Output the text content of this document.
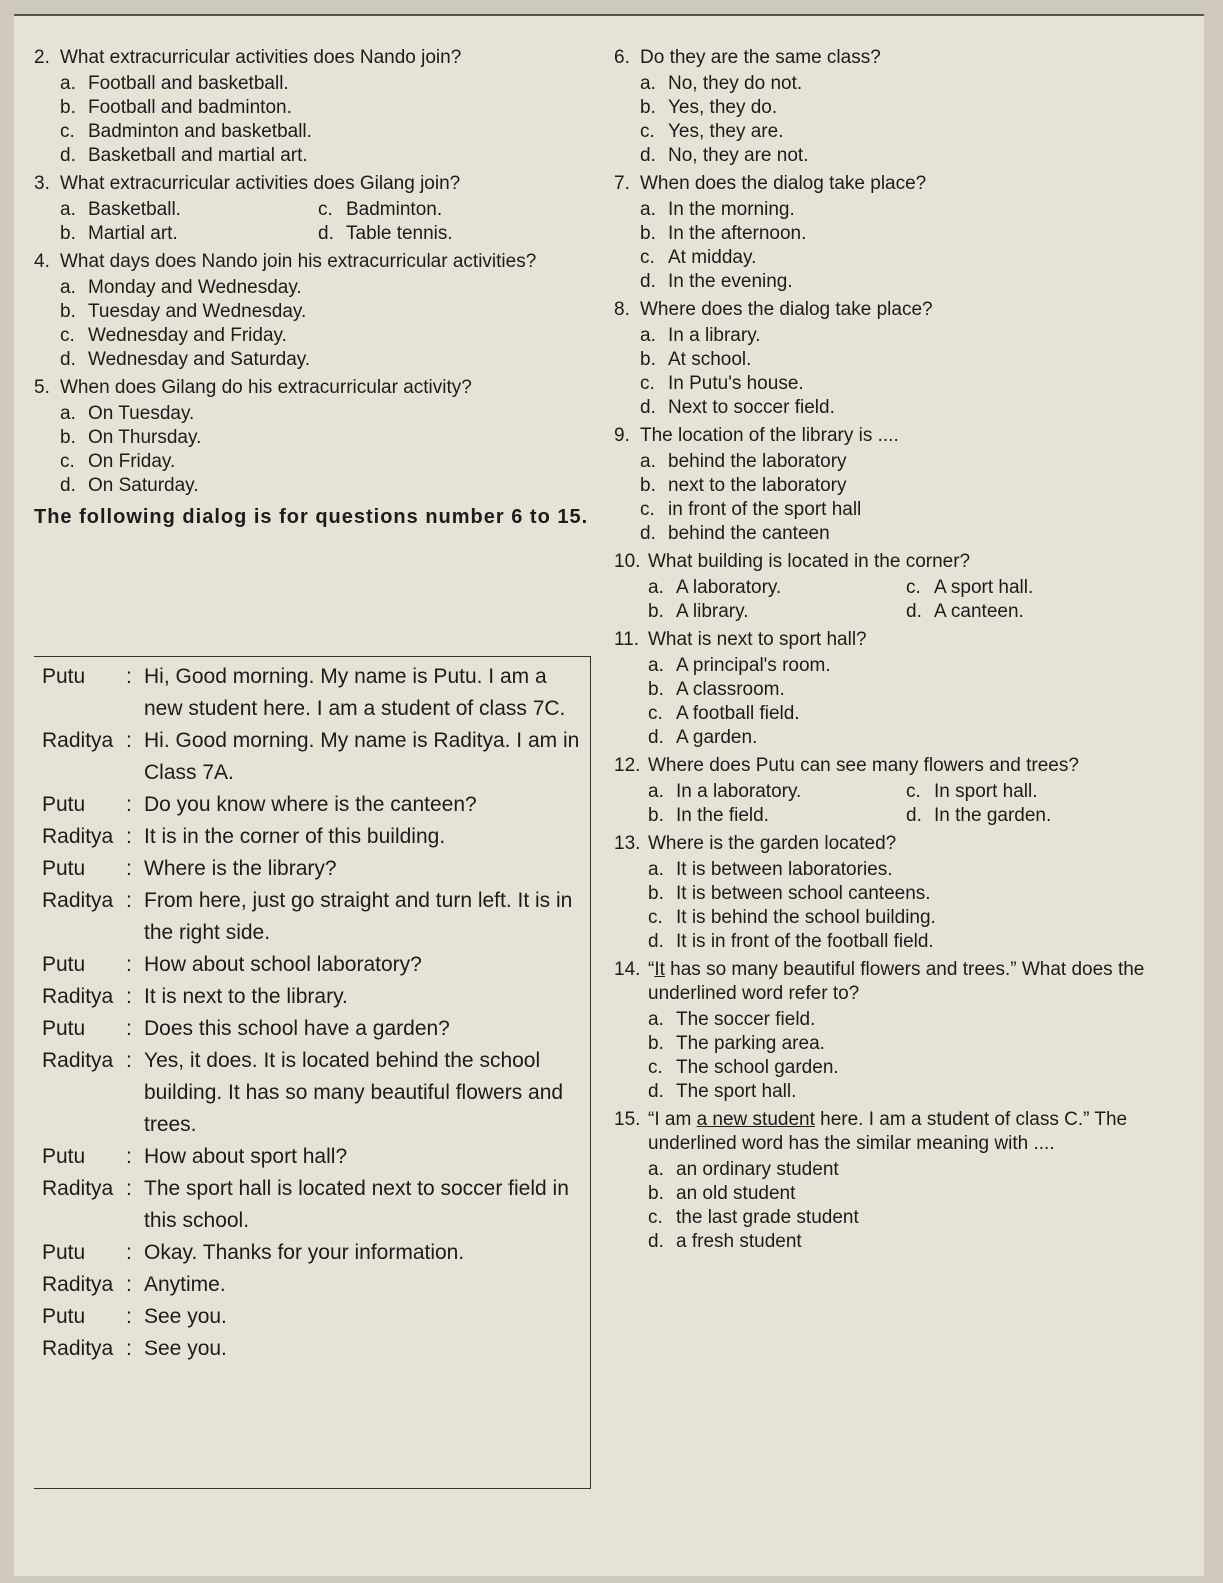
2. What extracurricular activities does Nando join?
a. Football and basketball.
b. Football and badminton.
c. Badminton and basketball.
d. Basketball and martial art.
3. What extracurricular activities does Gilang join?
a. Basketball.	c. Badminton.
b. Martial art.	d. Table tennis.
4. What days does Nando join his extracurricular activities?
a. Monday and Wednesday.
b. Tuesday and Wednesday.
c. Wednesday and Friday.
d. Wednesday and Saturday.
5. When does Gilang do his extracurricular activity?
a. On Tuesday.
b. On Thursday.
c. On Friday.
d. On Saturday.
The following dialog is for questions number 6 to 15.
Putu : Hi, Good morning. My name is Putu. I am a new student here. I am a student of class 7C.
Raditya : Hi. Good morning. My name is Raditya. I am in Class 7A.
Putu : Do you know where is the canteen?
Raditya : It is in the corner of this building.
Putu : Where is the library?
Raditya : From here, just go straight and turn left. It is in the right side.
Putu : How about school laboratory?
Raditya : It is next to the library.
Putu : Does this school have a garden?
Raditya : Yes, it does. It is located behind the school building. It has so many beautiful flowers and trees.
Putu : How about sport hall?
Raditya : The sport hall is located next to soccer field in this school.
Putu : Okay. Thanks for your information.
Raditya : Anytime.
Putu : See you.
Raditya : See you.
6. Do they are the same class?
a. No, they do not.
b. Yes, they do.
c. Yes, they are.
d. No, they are not.
7. When does the dialog take place?
a. In the morning.
b. In the afternoon.
c. At midday.
d. In the evening.
8. Where does the dialog take place?
a. In a library.
b. At school.
c. In Putu's house.
d. Next to soccer field.
9. The location of the library is ....
a. behind the laboratory
b. next to the laboratory
c. in front of the sport hall
d. behind the canteen
10. What building is located in the corner?
a. A laboratory.	c. A sport hall.
b. A library.	d. A canteen.
11. What is next to sport hall?
a. A principal's room.
b. A classroom.
c. A football field.
d. A garden.
12. Where does Putu can see many flowers and trees?
a. In a laboratory.	c. In sport hall.
b. In the field.	d. In the garden.
13. Where is the garden located?
a. It is between laboratories.
b. It is between school canteens.
c. It is behind the school building.
d. It is in front of the football field.
14. “It has so many beautiful flowers and trees.” What does the underlined word refer to?
a. The soccer field.
b. The parking area.
c. The school garden.
d. The sport hall.
15. “I am a new student here. I am a student of class C.” The underlined word has the similar meaning with ....
a. an ordinary student
b. an old student
c. the last grade student
d. a fresh student
